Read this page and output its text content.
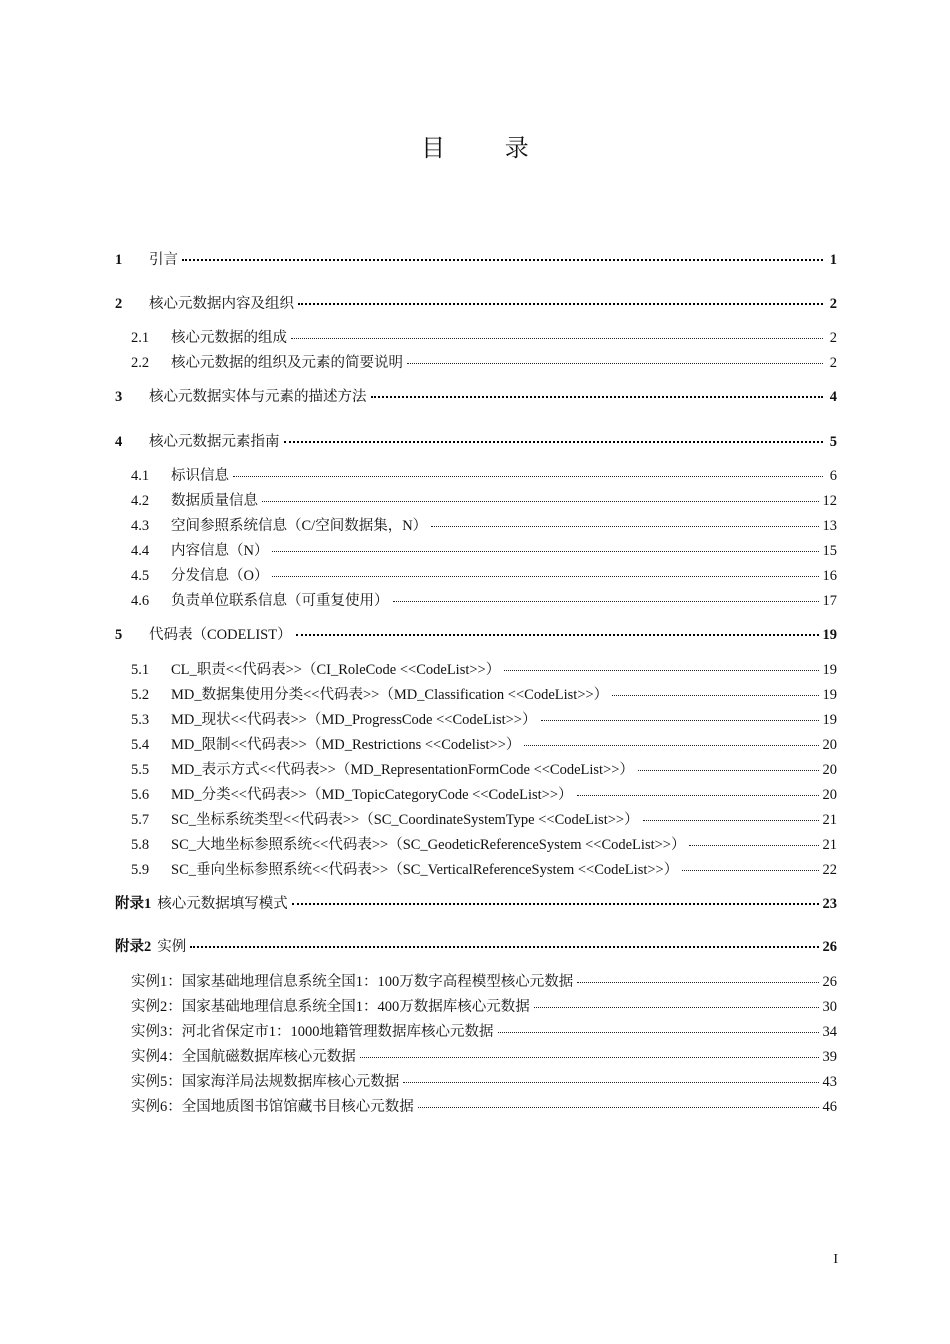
目 录
1	引言	1
2	核心元数据内容及组织	2
2.1	核心元数据的组成	2
2.2	核心元数据的组织及元素的简要说明	2
3	核心元数据实体与元素的描述方法	4
4	核心元数据元素指南	5
4.1	标识信息	6
4.2	数据质量信息	12
4.3	空间参照系统信息（C/空间数据集，N）	13
4.4	内容信息（N）	15
4.5	分发信息（O）	16
4.6	负责单位联系信息（可重复使用）	17
5	代码表（CODELIST）	19
5.1	CL_职责<<代码表>>（CI_RoleCode <<CodeList>>）	19
5.2	MD_数据集使用分类<<代码表>>（MD_Classification <<CodeList>>）	19
5.3	MD_现状<<代码表>>（MD_ProgressCode <<CodeList>>）	19
5.4	MD_限制<<代码表>>（MD_Restrictions <<Codelist>>）	20
5.5	MD_表示方式<<代码表>>（MD_RepresentationFormCode <<CodeList>>）	20
5.6	MD_分类<<代码表>>（MD_TopicCategoryCode <<CodeList>>）	20
5.7	SC_坐标系统类型<<代码表>>（SC_CoordinateSystemType <<CodeList>>）	21
5.8	SC_大地坐标参照系统<<代码表>>（SC_GeodeticReferenceSystem <<CodeList>>）	21
5.9	SC_垂向坐标参照系统<<代码表>>（SC_VerticalReferenceSystem <<CodeList>>）	22
附录1 核心元数据填写模式	23
附录2 实例	26
实例1：国家基础地理信息系统全国1：100万数字高程模型核心元数据	26
实例2：国家基础地理信息系统全国1：400万数据库核心元数据	30
实例3：河北省保定市1：1000地籍管理数据库核心元数据	34
实例4：全国航磁数据库核心元数据	39
实例5：国家海洋局法规数据库核心元数据	43
实例6：全国地质图书馆馆藏书目核心元数据	46
I
